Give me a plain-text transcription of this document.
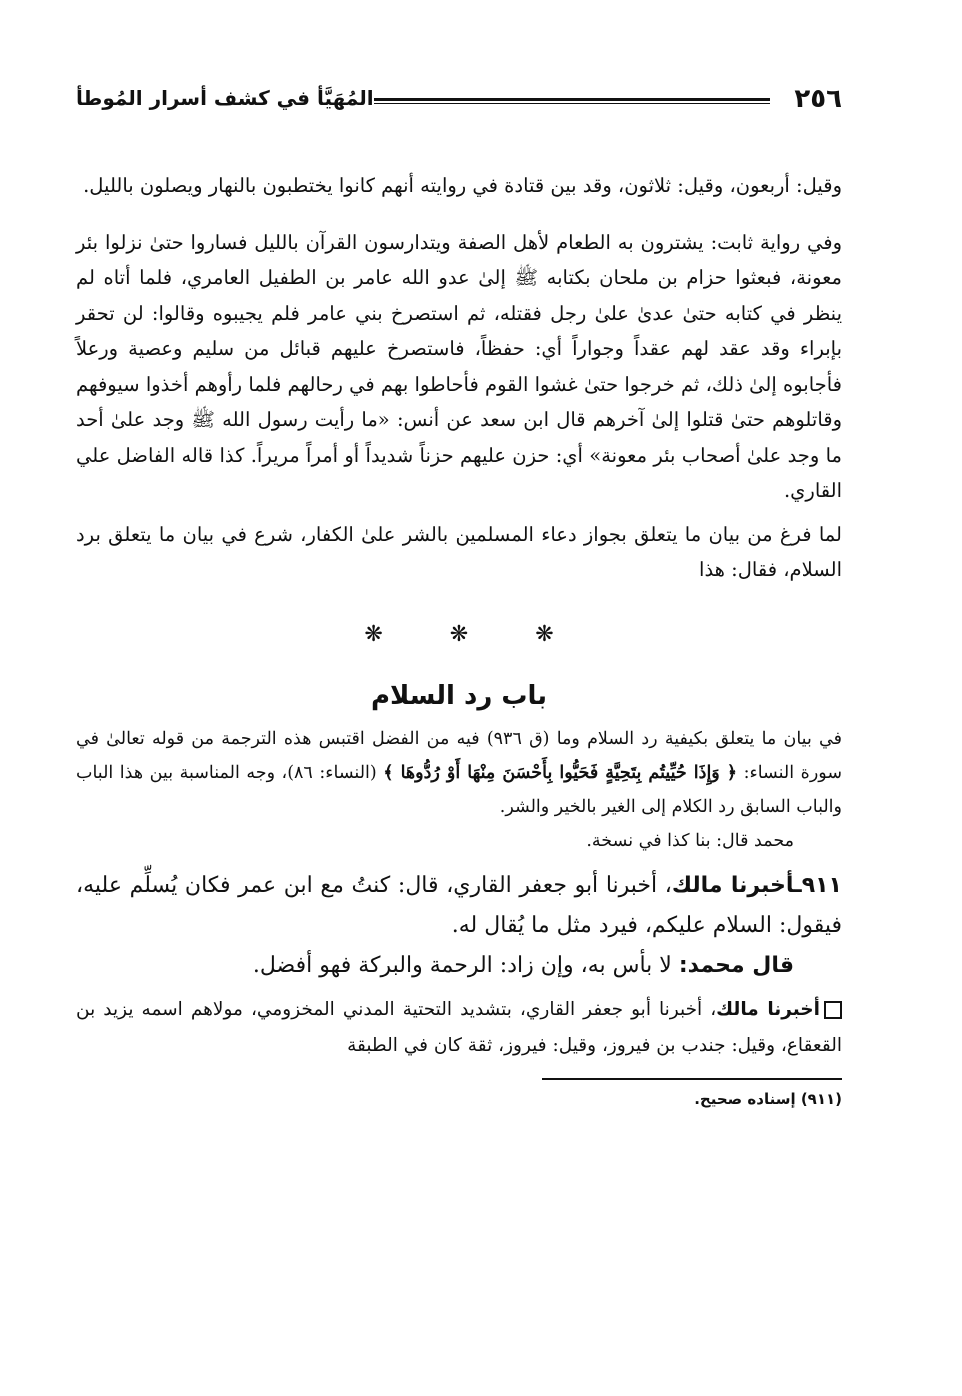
٢٥٦
المُهَيَّأ في كشف أسرار المُوطأ

وقيل: أربعون، وقيل: ثلاثون، وقد بين قتادة في روايته أنهم كانوا يختطبون بالنهار ويصلون بالليل.

وفي رواية ثابت: يشترون به الطعام لأهل الصفة ويتدارسون القرآن بالليل فساروا حتىٰ نزلوا بئر معونة، فبعثوا حزام بن ملحان بكتابه ﷺ إلىٰ عدو الله عامر بن الطفيل العامري، فلما أتاه لم ينظر في كتابه حتىٰ عدىٰ علىٰ رجل فقتله، ثم استصرخ بني عامر فلم يجيبوه وقالوا: لن تحقر بإبراء وقد عقد لهم عقداً وجواراً أي: حفظاً، فاستصرخ عليهم قبائل من سليم وعصية ورعلاً فأجابوه إلىٰ ذلك، ثم خرجوا حتىٰ غشوا القوم فأحاطوا بهم في رحالهم فلما رأوهم أخذوا سيوفهم وقاتلوهم حتىٰ قتلوا إلىٰ آخرهم قال ابن سعد عن أنس: «ما رأيت رسول الله ﷺ وجد علىٰ أحد ما وجد علىٰ أصحاب بئر معونة» أي: حزن عليهم حزناً شديداً أو أمراً مريراً. كذا قاله الفاضل علي القاري.

لما فرغ من بيان ما يتعلق بجواز دعاء المسلمين بالشر علىٰ الكفار، شرع في بيان ما يتعلق برد السلام، فقال: هذا

❋ ❋ ❋
باب رد السلام

في بيان ما يتعلق بكيفية رد السلام وما (ق ٩٣٦) فيه من الفضل اقتبس هذه الترجمة من قوله تعالىٰ في سورة النساء: ﴿ وَإِذَا حُيِّيتُم بِتَحِيَّةٍ فَحَيُّوا بِأَحْسَنَ مِنْهَا أَوْ رُدُّوهَا ﴾ (النساء: ٨٦)، وجه المناسبة بين هذا الباب والباب السابق رد الكلام إلى الغير بالخير والشر.

محمد قال: بنا كذا في نسخة.

٩١١ـأخبرنا مالك، أخبرنا أبو جعفر القاري، قال: كنتُ مع ابن عمر فكان يُسلِّم عليه، فيقول: السلام عليكم، فيرد مثل ما يُقال له.

قال محمد: لا بأس به، وإن زاد: الرحمة والبركة فهو أفضل.

أخبرنا مالك، أخبرنا أبو جعفر القاري، بتشديد التحتية المدني المخزومي، مولاهم اسمه يزيد بن القعقاع، وقيل: جندب بن فيروز، وقيل: فيروز، ثقة كان في الطبقة

(٩١١) إسناده صحيح.
